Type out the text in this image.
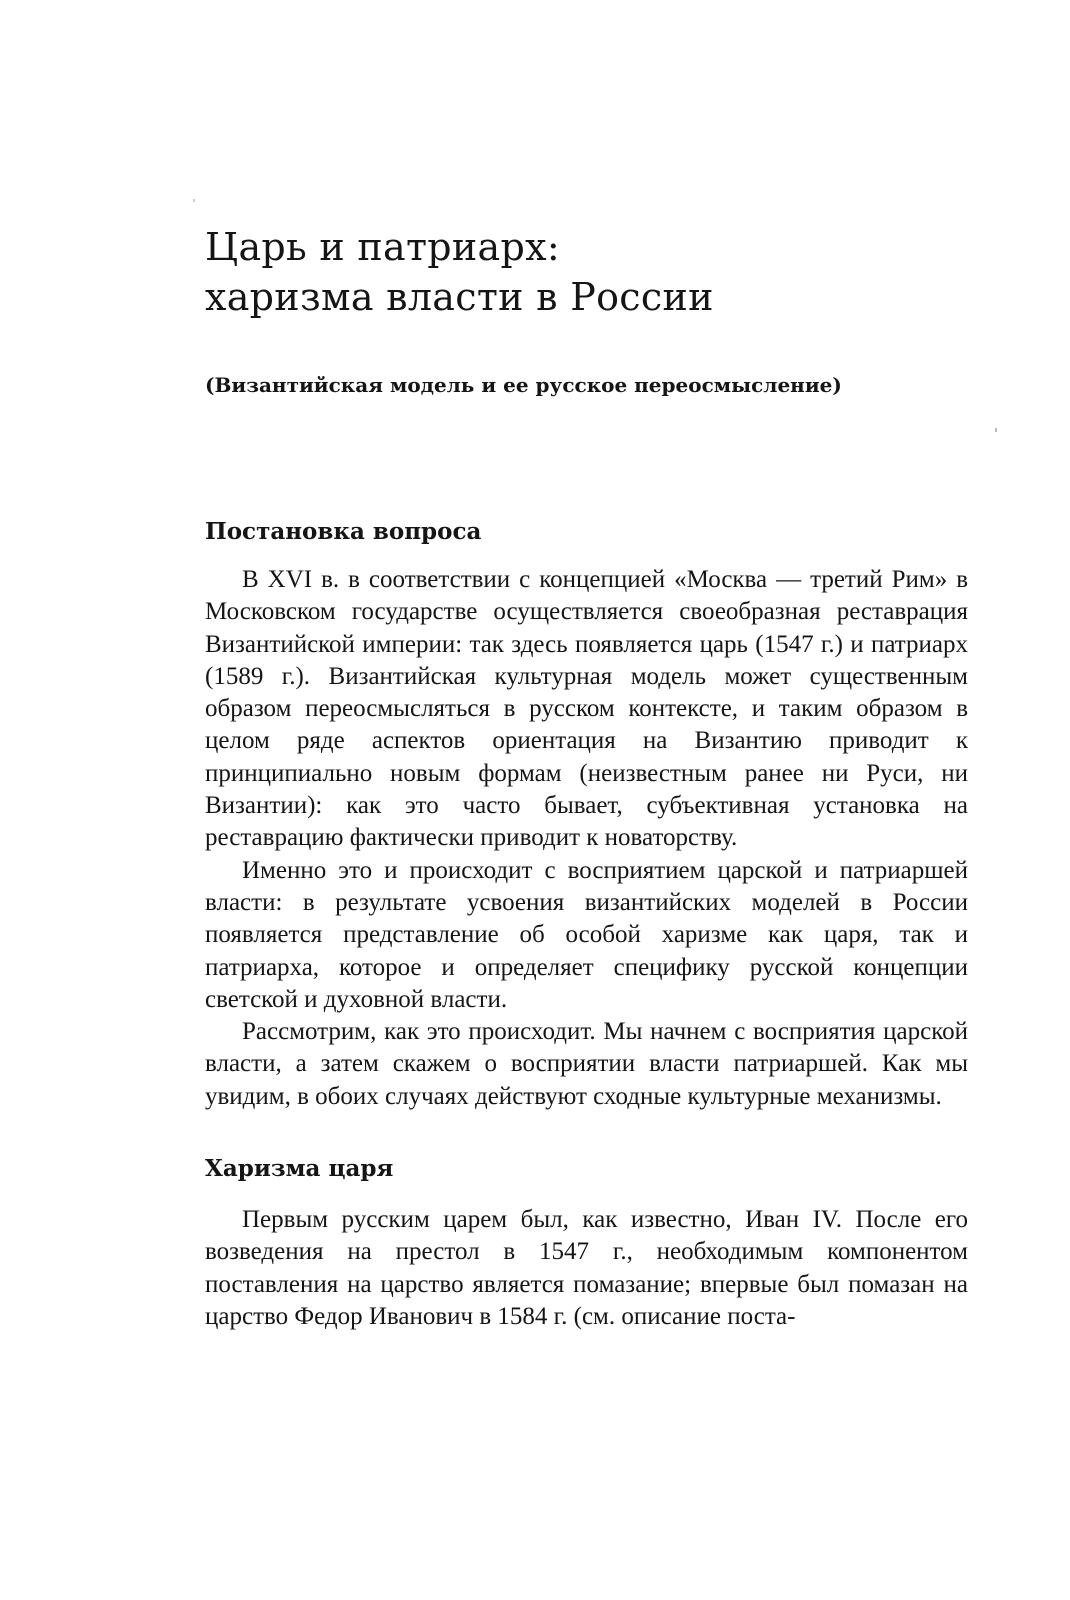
Царь и патриарх:
харизма власти в России
(Византийская модель и ее русское переосмысление)
Постановка вопроса

В XVI в. в соответствии с концепцией «Москва — третий Рим» в Московском государстве осуществляется своеобразная реставрация Византийской империи: так здесь появляется царь (1547 г.) и патриарх (1589 г.). Византийская культурная модель может существенным образом переосмысляться в русском контексте, и таким образом в целом ряде аспектов ориентация на Византию приводит к принципиально новым формам (неизвестным ранее ни Руси, ни Византии): как это часто бывает, субъективная установка на реставрацию фактически приводит к новаторству.

Именно это и происходит с восприятием царской и патриаршей власти: в результате усвоения византийских моделей в России появляется представление об особой харизме как царя, так и патриарха, которое и определяет специфику русской концепции светской и духовной власти.

Рассмотрим, как это происходит. Мы начнем с восприятия царской власти, а затем скажем о восприятии власти патриаршей. Как мы увидим, в обоих случаях действуют сходные культурные механизмы.

Харизма царя

Первым русским царем был, как известно, Иван IV. После его возведения на престол в 1547 г., необходимым компонентом поставления на царство является помазание; впервые был помазан на царство Федор Иванович в 1584 г. (см. описание поста-
